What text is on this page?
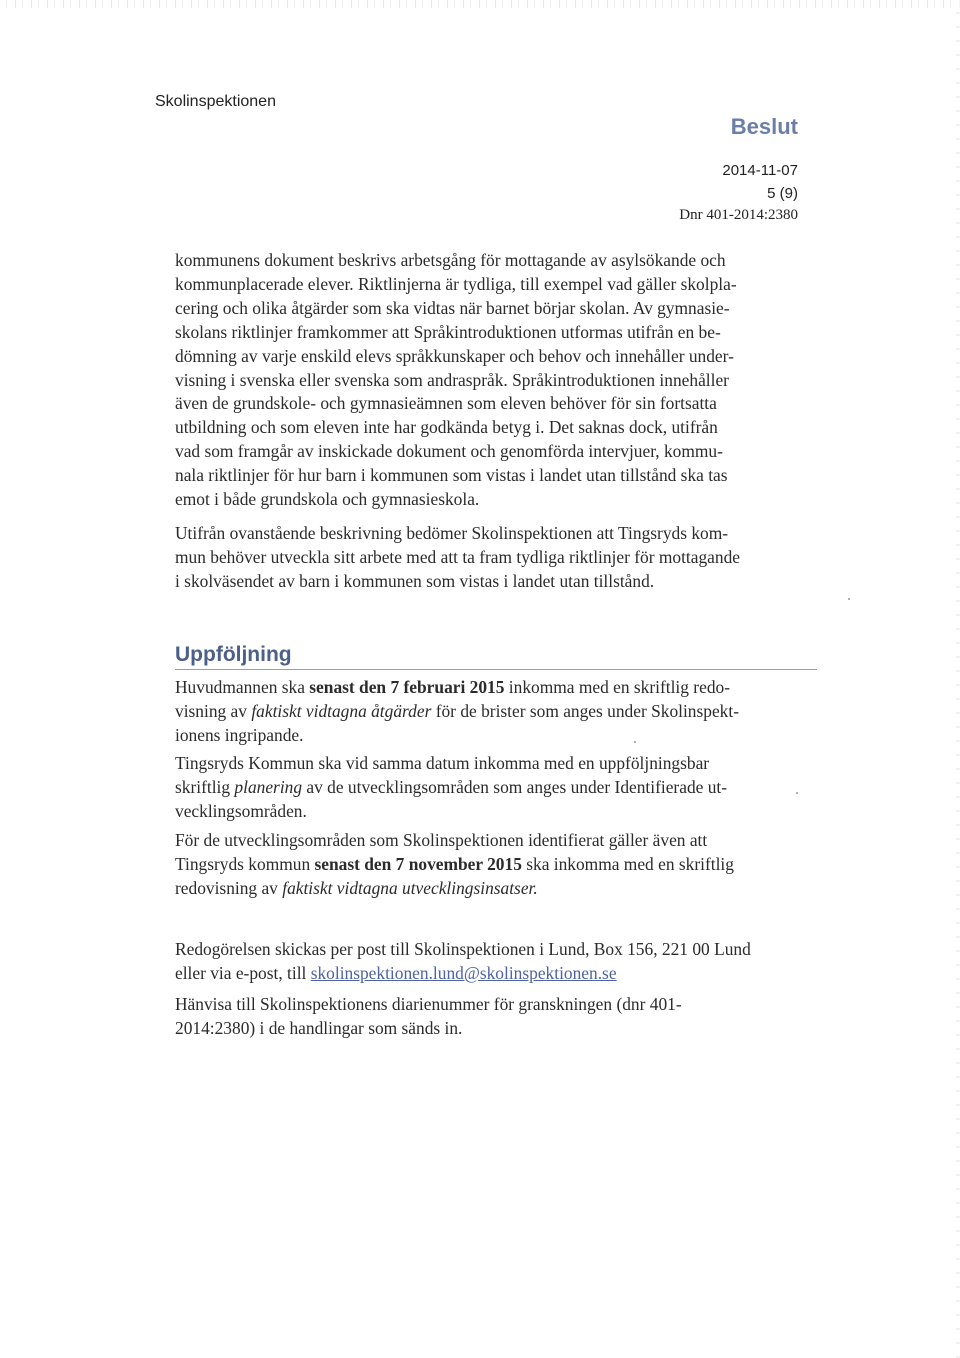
Skolinspektionen
Beslut
2014-11-07
5 (9)
Dnr 401-2014:2380
kommunens dokument beskrivs arbetsgång för mottagande av asylsökande och
kommunplacerade elever. Riktlinjerna är tydliga, till exempel vad gäller skolpla-
cering och olika åtgärder som ska vidtas när barnet börjar skolan. Av gymnasie-
skolans riktlinjer framkommer att Språkintroduktionen utformas utifrån en be-
dömning av varje enskild elevs språkkunskaper och behov och innehåller under-
visning i svenska eller svenska som andraspråk. Språkintroduktionen innehåller
även de grundskole- och gymnasieämnen som eleven behöver för sin fortsatta
utbildning och som eleven inte har godkända betyg i. Det saknas dock, utifrån
vad som framgår av inskickade dokument och genomförda intervjuer, kommu-
nala riktlinjer för hur barn i kommunen som vistas i landet utan tillstånd ska tas
emot i både grundskola och gymnasieskola.
Utifrån ovanstående beskrivning bedömer Skolinspektionen att Tingsryds kom-
mun behöver utveckla sitt arbete med att ta fram tydliga riktlinjer för mottagande
i skolväsendet av barn i kommunen som vistas i landet utan tillstånd.
Uppföljning
Huvudmannen ska senast den 7 februari 2015 inkomma med en skriftlig redo-
visning av faktiskt vidtagna åtgärder för de brister som anges under Skolinspekt-
ionens ingripande.
Tingsryds Kommun ska vid samma datum inkomma med en uppföljningsbar
skriftlig planering av de utvecklingsområden som anges under Identifierade ut-
vecklingsområden.
För de utvecklingsområden som Skolinspektionen identifierat gäller även att
Tingsryds kommun senast den 7 november 2015 ska inkomma med en skriftlig
redovisning av faktiskt vidtagna utvecklingsinsatser.
Redogörelsen skickas per post till Skolinspektionen i Lund, Box 156, 221 00 Lund
eller via e-post, till skolinspektionen.lund@skolinspektionen.se
Hänvisa till Skolinspektionens diarienummer för granskningen (dnr 401-
2014:2380) i de handlingar som sänds in.
